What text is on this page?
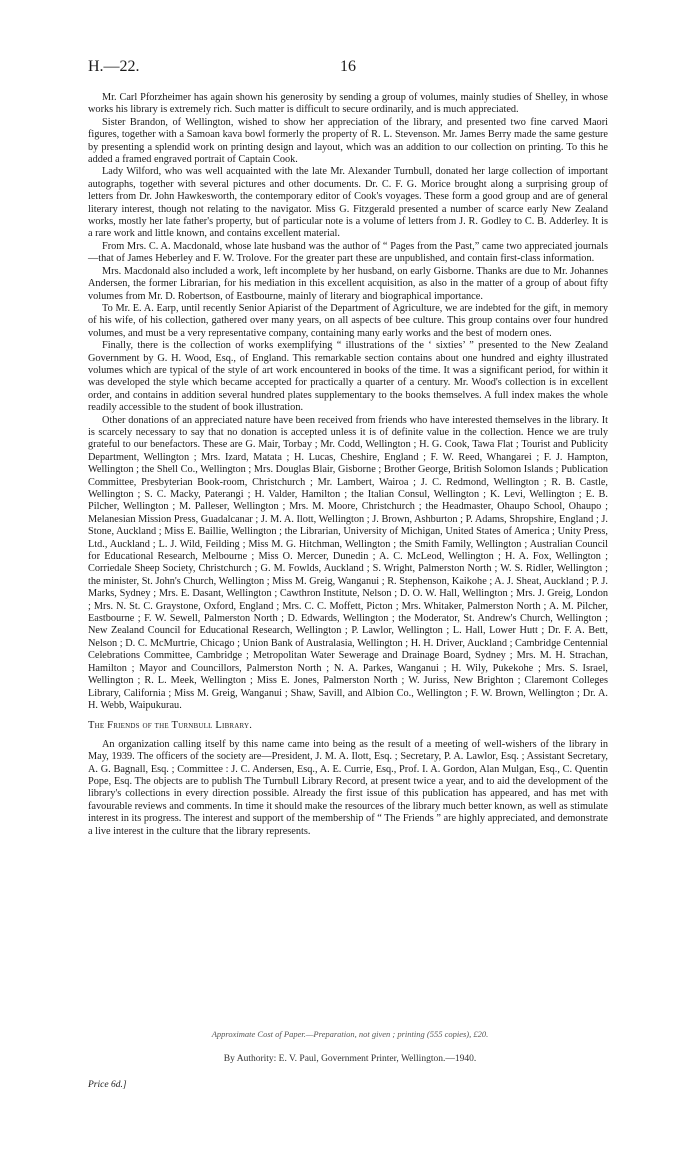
H.—22.	16

Mr. Carl Pforzheimer has again shown his generosity by sending a group of volumes, mainly studies of Shelley, in whose works his library is extremely rich. Such matter is difficult to secure ordinarily, and is much appreciated.

Sister Brandon, of Wellington, wished to show her appreciation of the library, and presented two fine carved Maori figures, together with a Samoan kava bowl formerly the property of R. L. Stevenson. Mr. James Berry made the same gesture by presenting a splendid work on printing design and layout, which was an addition to our collection on printing. To this he added a framed engraved portrait of Captain Cook.

Lady Wilford, who was well acquainted with the late Mr. Alexander Turnbull, donated her large collection of important autographs, together with several pictures and other documents. Dr. C. F. G. Morice brought along a surprising group of letters from Dr. John Hawkesworth, the contemporary editor of Cook's voyages. These form a good group and are of general literary interest, though not relating to the navigator. Miss G. Fitzgerald presented a number of scarce early New Zealand works, mostly her late father's property, but of particular note is a volume of letters from J. R. Godley to C. B. Adderley. It is a rare work and little known, and contains excellent material.

From Mrs. C. A. Macdonald, whose late husband was the author of “ Pages from the Past,” came two appreciated journals—that of James Heberley and F. W. Trolove. For the greater part these are unpublished, and contain first-class information.

Mrs. Macdonald also included a work, left incomplete by her husband, on early Gisborne. Thanks are due to Mr. Johannes Andersen, the former Librarian, for his mediation in this excellent acquisition, as also in the matter of a group of about fifty volumes from Mr. D. Robertson, of Eastbourne, mainly of literary and biographical importance.

To Mr. E. A. Earp, until recently Senior Apiarist of the Department of Agriculture, we are indebted for the gift, in memory of his wife, of his collection, gathered over many years, on all aspects of bee culture. This group contains over four hundred volumes, and must be a very representative company, containing many early works and the best of modern ones.

Finally, there is the collection of works exemplifying “ illustrations of the ‘ sixties’ ” presented to the New Zealand Government by G. H. Wood, Esq., of England. This remarkable section contains about one hundred and eighty illustrated volumes which are typical of the style of art work encountered in books of the time. It was a significant period, for within it was developed the style which became accepted for practically a quarter of a century. Mr. Wood's collection is in excellent order, and contains in addition several hundred plates supplementary to the books themselves. A full index makes the whole readily accessible to the student of book illustration.

Other donations of an appreciated nature have been received from friends who have interested themselves in the library. It is scarcely necessary to say that no donation is accepted unless it is of definite value in the collection. Hence we are truly grateful to our benefactors. These are G. Mair, Torbay ; Mr. Codd, Wellington ; H. G. Cook, Tawa Flat ; Tourist and Publicity Department, Wellington ; Mrs. Izard, Matata ; H. Lucas, Cheshire, England ; F. W. Reed, Whangarei ; F. J. Hampton, Wellington ; the Shell Co., Wellington ; Mrs. Douglas Blair, Gisborne ; Brother George, British Solomon Islands ; Publication Committee, Presbyterian Book-room, Christchurch ; Mr. Lambert, Wairoa ; J. C. Redmond, Wellington ; R. B. Castle, Wellington ; S. C. Macky, Paterangi ; H. Valder, Hamilton ; the Italian Consul, Wellington ; K. Levi, Wellington ; E. B. Pilcher, Wellington ; M. Palleser, Wellington ; Mrs. M. Moore, Christchurch ; the Headmaster, Ohaupo School, Ohaupo ; Melanesian Mission Press, Guadalcanar ; J. M. A. Ilott, Wellington ; J. Brown, Ashburton ; P. Adams, Shropshire, England ; J. Stone, Auckland ; Miss E. Baillie, Wellington ; the Librarian, University of Michigan, United States of America ; Unity Press, Ltd., Auckland ; L. J. Wild, Feilding ; Miss M. G. Hitchman, Wellington ; the Smith Family, Wellington ; Australian Council for Educational Research, Melbourne ; Miss O. Mercer, Dunedin ; A. C. McLeod, Wellington ; H. A. Fox, Wellington ; Corriedale Sheep Society, Christchurch ; G. M. Fowlds, Auckland ; S. Wright, Palmerston North ; W. S. Ridler, Wellington ; the minister, St. John's Church, Wellington ; Miss M. Greig, Wanganui ; R. Stephenson, Kaikohe ; A. J. Sheat, Auckland ; P. J. Marks, Sydney ; Mrs. E. Dasant, Wellington ; Cawthron Institute, Nelson ; D. O. W. Hall, Wellington ; Mrs. J. Greig, London ; Mrs. N. St. C. Graystone, Oxford, England ; Mrs. C. C. Moffett, Picton ; Mrs. Whitaker, Palmerston North ; A. M. Pilcher, Eastbourne ; F. W. Sewell, Palmerston North ; D. Edwards, Wellington ; the Moderator, St. Andrew's Church, Wellington ; New Zealand Council for Educational Research, Wellington ; P. Lawlor, Wellington ; L. Hall, Lower Hutt ; Dr. F. A. Bett, Nelson ; D. C. McMurtrie, Chicago ; Union Bank of Australasia, Wellington ; H. H. Driver, Auckland ; Cambridge Centennial Celebrations Committee, Cambridge ; Metropolitan Water Sewerage and Drainage Board, Sydney ; Mrs. M. H. Strachan, Hamilton ; Mayor and Councillors, Palmerston North ; N. A. Parkes, Wanganui ; H. Wily, Pukekohe ; Mrs. S. Israel, Wellington ; R. L. Meek, Wellington ; Miss E. Jones, Palmerston North ; W. Juriss, New Brighton ; Claremont Colleges Library, California ; Miss M. Greig, Wanganui ; Shaw, Savill, and Albion Co., Wellington ; F. W. Brown, Wellington ; Dr. A. H. Webb, Waipukurau.

The Friends of the Turnbull Library.

An organization calling itself by this name came into being as the result of a meeting of well-wishers of the library in May, 1939. The officers of the society are—President, J. M. A. Ilott, Esq. ; Secretary, P. A. Lawlor, Esq. ; Assistant Secretary, A. G. Bagnall, Esq. ; Committee : J. C. Andersen, Esq., A. E. Currie, Esq., Prof. I. A. Gordon, Alan Mulgan, Esq., C. Quentin Pope, Esq. The objects are to publish The Turnbull Library Record, at present twice a year, and to aid the development of the library's collections in every direction possible. Already the first issue of this publication has appeared, and has met with favourable reviews and comments. In time it should make the resources of the library much better known, as well as stimulate interest in its progress. The interest and support of the membership of “ The Friends ” are highly appreciated, and demonstrate a live interest in the culture that the library represents.

Approximate Cost of Paper.—Preparation, not given ; printing (555 copies), £20.
By Authority: E. V. Paul, Government Printer, Wellington.—1940.
Price 6d.]
